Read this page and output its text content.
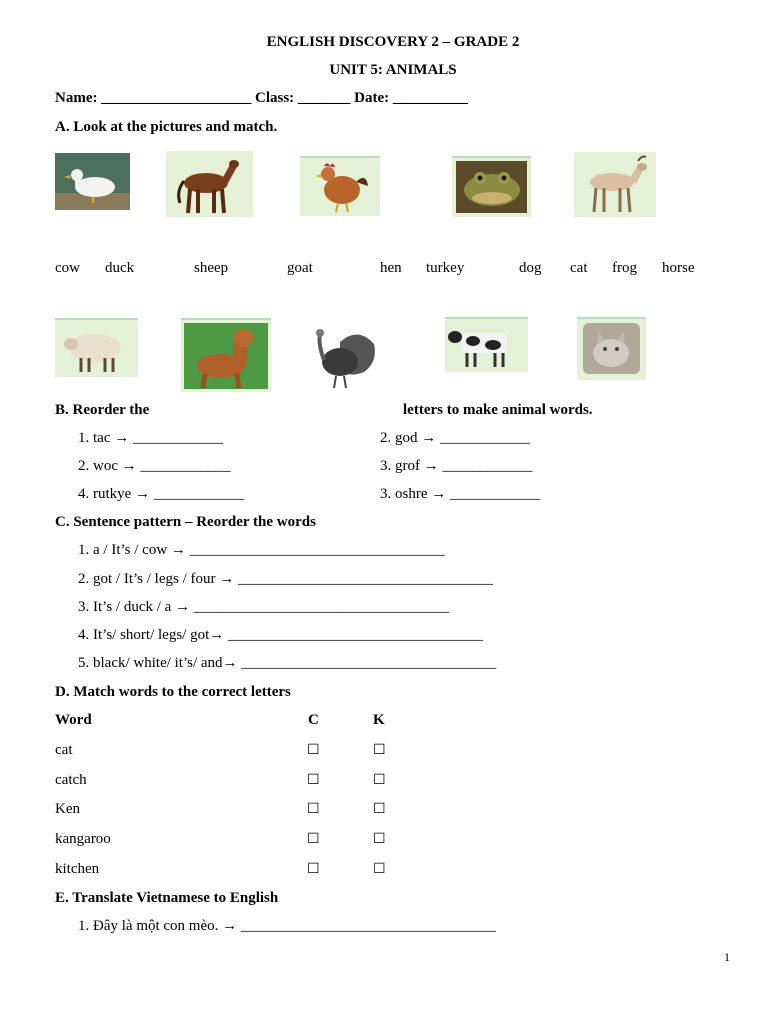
ENGLISH DISCOVERY 2 – GRADE 2
UNIT 5: ANIMALS
Name: ____________________ Class: _______ Date: __________
A. Look at the pictures and match.
cow duck	sheep	goat	hen turkey	dog cat frog horse
B. Reorder the	letters to make animal words.
1. tac → ____________	2. god → ____________
2. woc → ____________	3. grof → ____________
4. rutkye → ____________	3. oshre → ____________
C. Sentence pattern – Reorder the words
1. a / It’s / cow → __________________________________
2. got / It’s / legs / four → __________________________________
3. It’s / duck / a → __________________________________
4. It’s/ short/ legs/ got→ __________________________________
5. black/ white/ it’s/ and→ __________________________________
D. Match words to the correct letters
Word	C	K
cat	☐	☐
catch	☐	☐
Ken	☐	☐
kangaroo	☐	☐
kitchen	☐	☐
E. Translate Vietnamese to English
1. Đây là một con mèo. → __________________________________
1
